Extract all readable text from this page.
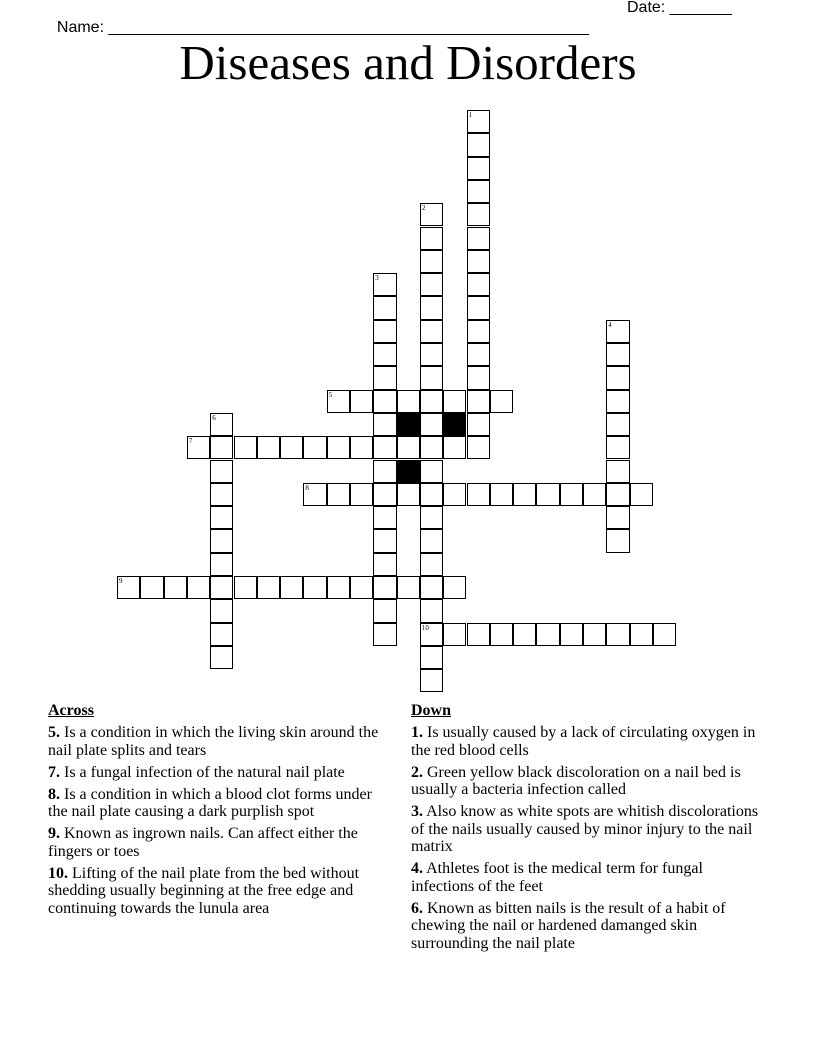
Name: ______________________________________________________

Date: _______

Diseases and Disorders
1
2
10
3
4
5
6
7
8
9
Across
5. Is a condition in which the living skin around the nail plate splits and tears
7. Is a fungal infection of the natural nail plate
8. Is a condition in which a blood clot forms under the nail plate causing a dark purplish spot
9. Known as ingrown nails. Can affect either the fingers or toes
10. Lifting of the nail plate from the bed without shedding usually beginning at the free edge and continuing towards the lunula area
Down
1. Is usually caused by a lack of circulating oxygen in the red blood cells
2. Green yellow black discoloration on a nail bed is usually a bacteria infection called
3. Also know as white spots are whitish discolorations of the nails usually caused by minor injury to the nail matrix
4. Athletes foot is the medical term for fungal infections of the feet
6. Known as bitten nails is the result of a habit of chewing the nail or hardened damanged skin surrounding the nail plate
